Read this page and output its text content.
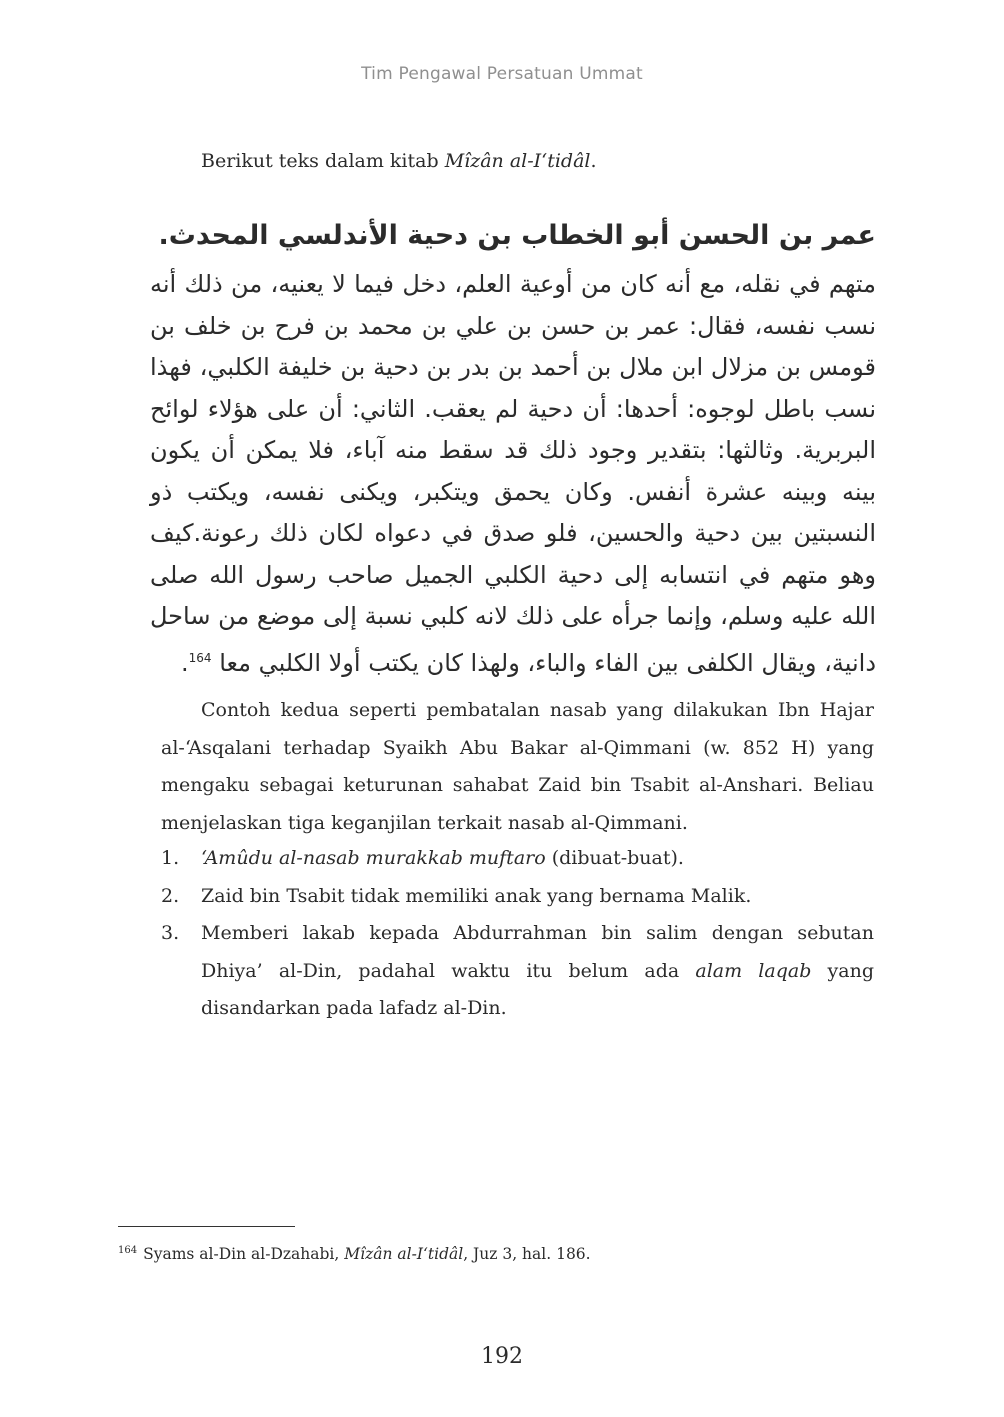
Tim Pengawal Persatuan Ummat

Berikut teks dalam kitab Mîzân al-I‘tidâl.

عمر بن الحسن أبو الخطاب بن دحية الأندلسي المحدث.
متهم في نقله، مع أنه كان من أوعية العلم، دخل فيما لا يعنيه، من ذلك أنه نسب نفسه، فقال: عمر بن حسن بن علي بن محمد بن فرح بن خلف بن قومس بن مزلال ابن ملال بن أحمد بن بدر بن دحية بن خليفة الكلبي، فهذا نسب باطل لوجوه: أحدها: أن دحية لم يعقب. الثاني: أن على هؤلاء لوائح البربرية. وثالثها: بتقدير وجود ذلك قد سقط منه آباء، فلا يمكن أن يكون بينه وبينه عشرة أنفس. وكان يحمق ويتكبر، ويكنى نفسه، ويكتب ذو النسبتين بين دحية والحسين، فلو صدق في دعواه لكان ذلك رعونة.كيف وهو متهم في انتسابه إلى دحية الكلبي الجميل صاحب رسول الله صلى الله عليه وسلم، وإنما جرأه على ذلك لانه كلبي نسبة إلى موضع من ساحل دانية، ويقال الكلفى بين الفاء والباء، ولهذا كان يكتب أولا الكلبي معا $^{164}$.

Contoh kedua seperti pembatalan nasab yang dilakukan Ibn Hajar al-‘Asqalani terhadap Syaikh Abu Bakar al-Qimmani (w. 852 H) yang mengaku sebagai keturunan sahabat Zaid bin Tsabit al-Anshari. Beliau menjelaskan tiga keganjilan terkait nasab al-Qimmani.

1.	‘Amûdu al-nasab murakkab muftaro (dibuat-buat).
2.	Zaid bin Tsabit tidak memiliki anak yang bernama Malik.
3.	Memberi lakab kepada Abdurrahman bin salim dengan sebutan Dhiya’ al-Din, padahal waktu itu belum ada alam laqab yang disandarkan pada lafadz al-Din.
$^{164}$ Syams al-Din al-Dzahabi, Mîzân al-I‘tidâl, Juz 3, hal. 186.
192
